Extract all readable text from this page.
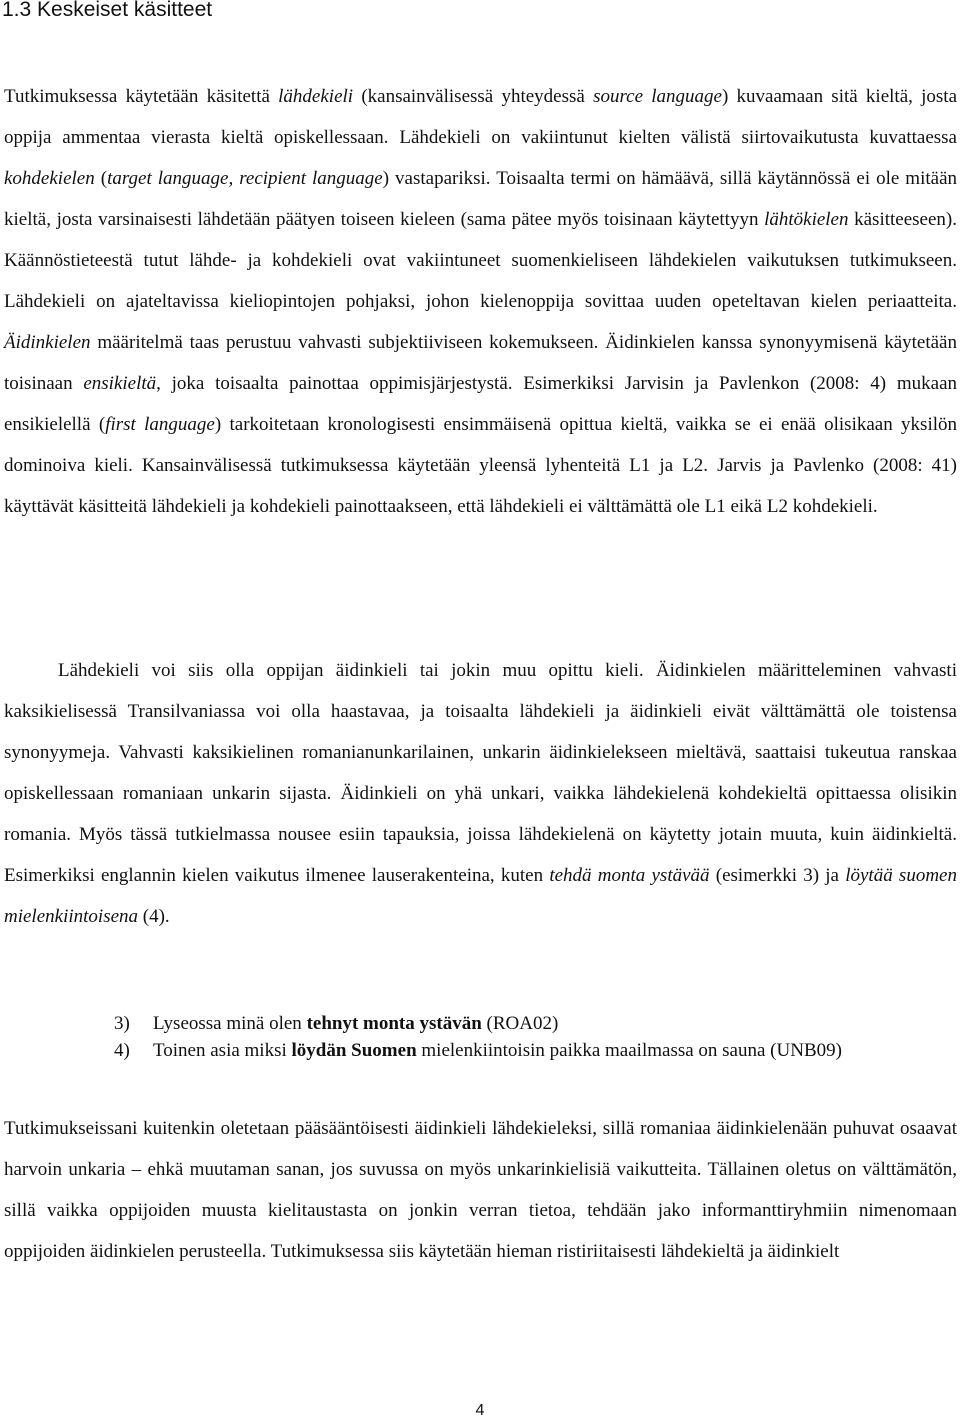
1.3 Keskeiset käsitteet

Tutkimuksessa käytetään käsitettä lähdekieli (kansainvälisessä yhteydessä source language) kuvaamaan sitä kieltä, josta oppija ammentaa vierasta kieltä opiskellessaan. Lähdekieli on vakiintunut kielten välistä siirtovaikutusta kuvattaessa kohdekielen (target language, recipient language) vastapariksi. Toisaalta termi on hämäävä, sillä käytännössä ei ole mitään kieltä, josta varsinaisesti lähdetään päätyen toiseen kieleen (sama pätee myös toisinaan käytettyyn lähtökielen käsitteeseen). Käännöstieteestä tutut lähde- ja kohdekieli ovat vakiintuneet suomenkieliseen lähdekielen vaikutuksen tutkimukseen. Lähdekieli on ajateltavissa kieliopintojen pohjaksi, johon kielenoppija sovittaa uuden opeteltavan kielen periaatteita. Äidinkielen määritelmä taas perustuu vahvasti subjektiiviseen kokemukseen. Äidinkielen kanssa synonyymisenä käytetään toisinaan ensikieltä, joka toisaalta painottaa oppimisjärjestystä. Esimerkiksi Jarvisin ja Pavlenkon (2008: 4) mukaan ensikielellä (first language) tarkoitetaan kronologisesti ensimmäisenä opittua kieltä, vaikka se ei enää olisikaan yksilön dominoiva kieli. Kansainvälisessä tutkimuksessa käytetään yleensä lyhenteitä L1 ja L2. Jarvis ja Pavlenko (2008: 41) käyttävät käsitteitä lähdekieli ja kohdekieli painottaakseen, että lähdekieli ei välttämättä ole L1 eikä L2 kohdekieli.

Lähdekieli voi siis olla oppijan äidinkieli tai jokin muu opittu kieli. Äidinkielen määritteleminen vahvasti kaksikielisessä Transilvaniassa voi olla haastavaa, ja toisaalta lähdekieli ja äidinkieli eivät välttämättä ole toistensa synonyymeja. Vahvasti kaksikielinen romanianunkarilainen, unkarin äidinkielekseen mieltävä, saattaisi tukeutua ranskaa opiskellessaan romaniaan unkarin sijasta. Äidinkieli on yhä unkari, vaikka lähdekielenä kohdekieltä opittaessa olisikin romania. Myös tässä tutkielmassa nousee esiin tapauksia, joissa lähdekielenä on käytetty jotain muuta, kuin äidinkieltä. Esimerkiksi englannin kielen vaikutus ilmenee lauserakenteina, kuten tehdä monta ystävää (esimerkki 3) ja löytää suomen mielenkiintoisena (4).

3) Lyseossa minä olen tehnyt monta ystävän (ROA02)
4) Toinen asia miksi löydän Suomen mielenkiintoisin paikka maailmassa on sauna (UNB09)

Tutkimukseissani kuitenkin oletetaan pääsääntöisesti äidinkieli lähdekieleksi, sillä romaniaa äidinkielenään puhuvat osaavat harvoin unkaria – ehkä muutaman sanan, jos suvussa on myös unkarinkielisiä vaikutteita. Tällainen oletus on välttämätön, sillä vaikka oppijoiden muusta kielitaustasta on jonkin verran tietoa, tehdään jako informanttiryhmiin nimenomaan oppijoiden äidinkielen perusteella. Tutkimuksessa siis käytetään hieman ristiriitaisesti lähdekieltä ja äidinkielt

4
